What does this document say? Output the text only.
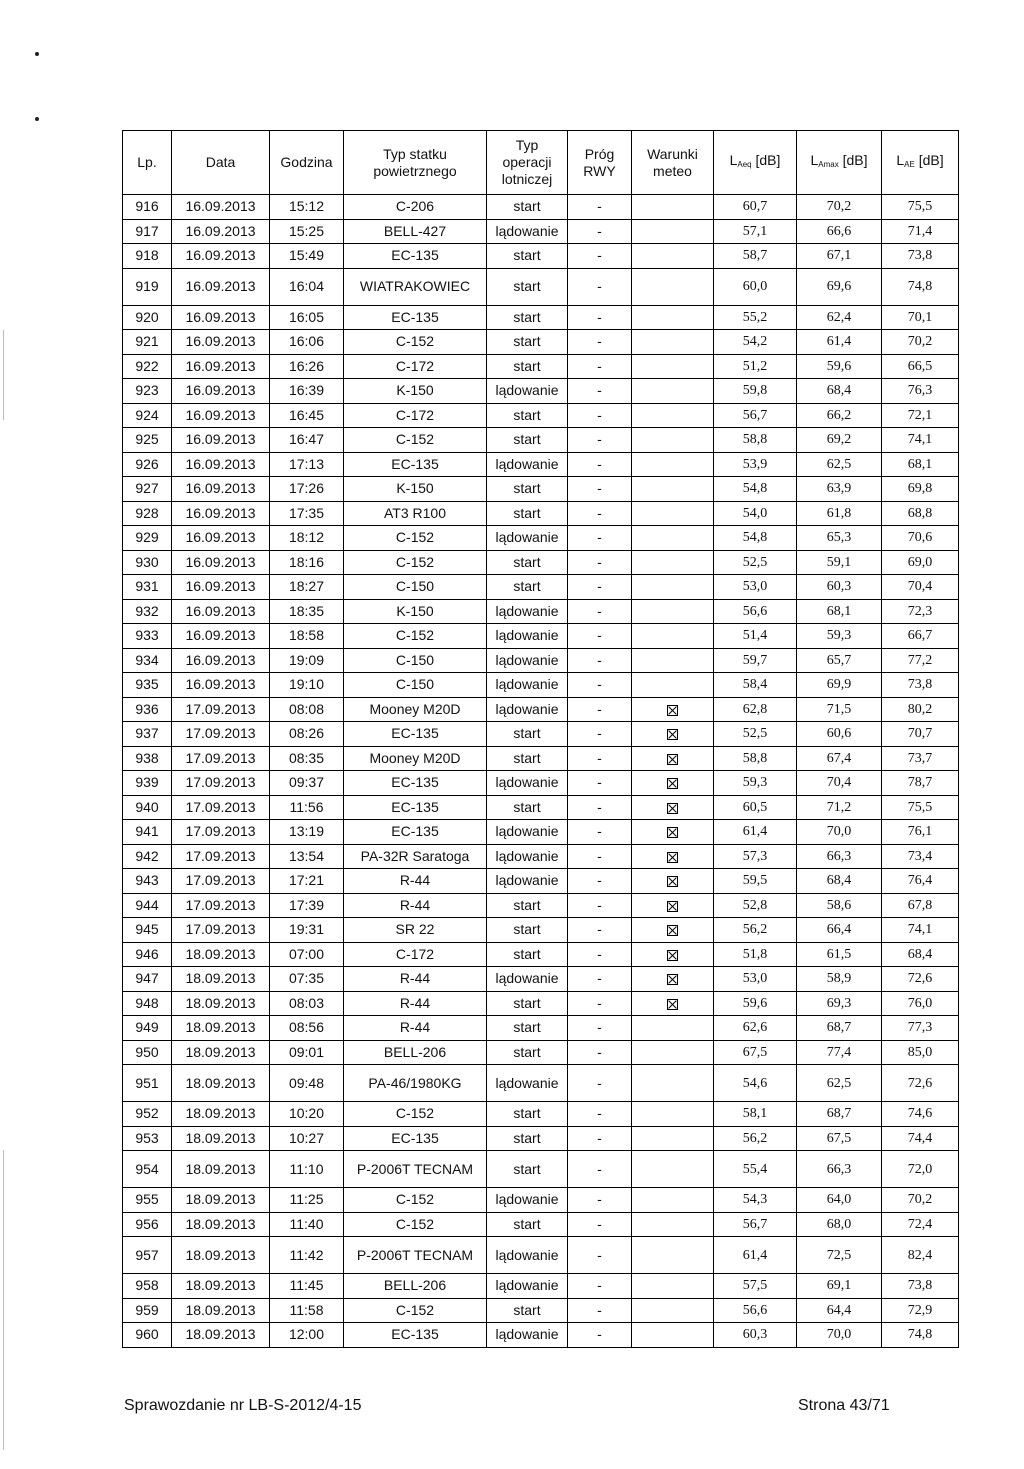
Lp.	Data	Godzina	Typ statku powietrznego	Typ operacji lotniczej	Próg RWY	Warunki meteo	$L_{Aeq}$ [dB]	$L_{Amax}$ [dB]	$L_{AE}$ [dB]
916	16.09.2013	15:12	C-206	start	-		60,7	70,2	75,5
917	16.09.2013	15:25	BELL-427	lądowanie	-		57,1	66,6	71,4
918	16.09.2013	15:49	EC-135	start	-		58,7	67,1	73,8
919	16.09.2013	16:04	WIATRAKOWIEC	start	-		60,0	69,6	74,8
920	16.09.2013	16:05	EC-135	start	-		55,2	62,4	70,1
921	16.09.2013	16:06	C-152	start	-		54,2	61,4	70,2
922	16.09.2013	16:26	C-172	start	-		51,2	59,6	66,5
923	16.09.2013	16:39	K-150	lądowanie	-		59,8	68,4	76,3
924	16.09.2013	16:45	C-172	start	-		56,7	66,2	72,1
925	16.09.2013	16:47	C-152	start	-		58,8	69,2	74,1
926	16.09.2013	17:13	EC-135	lądowanie	-		53,9	62,5	68,1
927	16.09.2013	17:26	K-150	start	-		54,8	63,9	69,8
928	16.09.2013	17:35	AT3 R100	start	-		54,0	61,8	68,8
929	16.09.2013	18:12	C-152	lądowanie	-		54,8	65,3	70,6
930	16.09.2013	18:16	C-152	start	-		52,5	59,1	69,0
931	16.09.2013	18:27	C-150	start	-		53,0	60,3	70,4
932	16.09.2013	18:35	K-150	lądowanie	-		56,6	68,1	72,3
933	16.09.2013	18:58	C-152	lądowanie	-		51,4	59,3	66,7
934	16.09.2013	19:09	C-150	lądowanie	-		59,7	65,7	77,2
935	16.09.2013	19:10	C-150	lądowanie	-		58,4	69,9	73,8
936	17.09.2013	08:08	Mooney M20D	lądowanie	-		62,8	71,5	80,2
937	17.09.2013	08:26	EC-135	start	-		52,5	60,6	70,7
938	17.09.2013	08:35	Mooney M20D	start	-		58,8	67,4	73,7
939	17.09.2013	09:37	EC-135	lądowanie	-		59,3	70,4	78,7
940	17.09.2013	11:56	EC-135	start	-		60,5	71,2	75,5
941	17.09.2013	13:19	EC-135	lądowanie	-		61,4	70,0	76,1
942	17.09.2013	13:54	PA-32R Saratoga	lądowanie	-		57,3	66,3	73,4
943	17.09.2013	17:21	R-44	lądowanie	-		59,5	68,4	76,4
944	17.09.2013	17:39	R-44	start	-		52,8	58,6	67,8
945	17.09.2013	19:31	SR 22	start	-		56,2	66,4	74,1
946	18.09.2013	07:00	C-172	start	-		51,8	61,5	68,4
947	18.09.2013	07:35	R-44	lądowanie	-		53,0	58,9	72,6
948	18.09.2013	08:03	R-44	start	-		59,6	69,3	76,0
949	18.09.2013	08:56	R-44	start	-		62,6	68,7	77,3
950	18.09.2013	09:01	BELL-206	start	-		67,5	77,4	85,0
951	18.09.2013	09:48	PA-46/1980KG	lądowanie	-		54,6	62,5	72,6
952	18.09.2013	10:20	C-152	start	-		58,1	68,7	74,6
953	18.09.2013	10:27	EC-135	start	-		56,2	67,5	74,4
954	18.09.2013	11:10	P-2006T TECNAM	start	-		55,4	66,3	72,0
955	18.09.2013	11:25	C-152	lądowanie	-		54,3	64,0	70,2
956	18.09.2013	11:40	C-152	start	-		56,7	68,0	72,4
957	18.09.2013	11:42	P-2006T TECNAM	lądowanie	-		61,4	72,5	82,4
958	18.09.2013	11:45	BELL-206	lądowanie	-		57,5	69,1	73,8
959	18.09.2013	11:58	C-152	start	-		56,6	64,4	72,9
960	18.09.2013	12:00	EC-135	lądowanie	-		60,3	70,0	74,8
Sprawozdanie nr LB-S-2012/4-15	Strona 43/71
